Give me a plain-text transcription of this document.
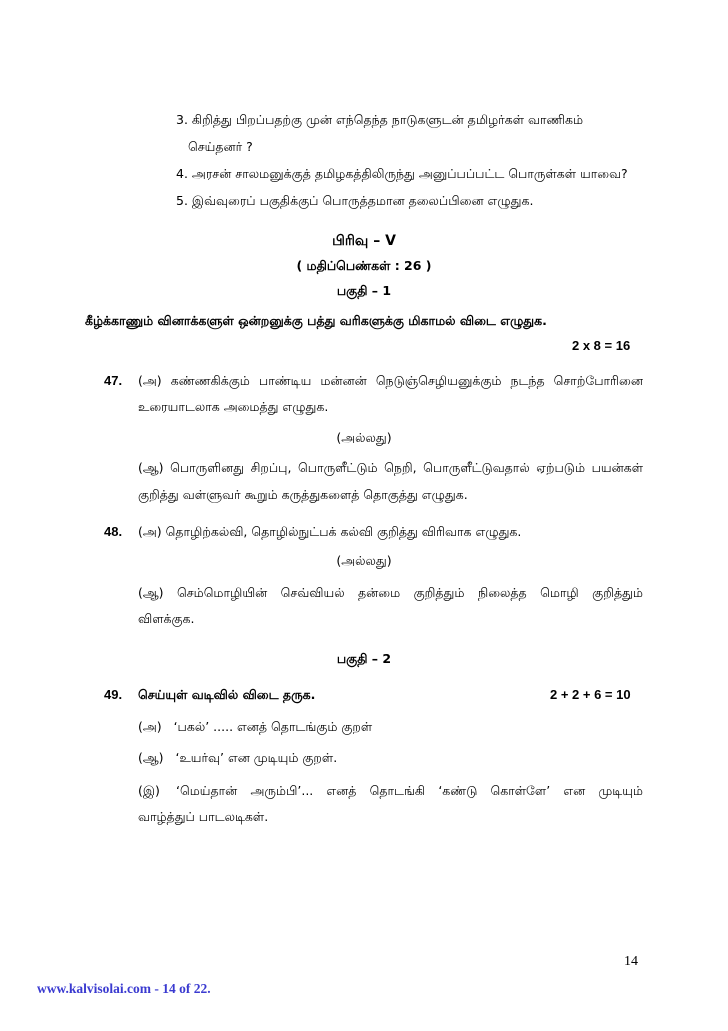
3. கிறித்து பிறப்பதற்கு முன் எந்தெந்த நாடுகளுடன் தமிழர்கள் வாணிகம்
செய்தனர் ?
4. அரசன் சாலமனுக்குத் தமிழகத்திலிருந்து அனுப்பப்பட்ட பொருள்கள் யாவை?
5. இவ்வுரைப் பகுதிக்குப் பொருத்தமான தலைப்பினை எழுதுக.
பிரிவு – V
( மதிப்பெண்கள் : 26 )
பகுதி – 1
கீழ்க்காணும் வினாக்களுள் ஒன்றனுக்கு பத்து வரிகளுக்கு மிகாமல் விடை எழுதுக.
2 x 8 = 16
47. (அ) கண்ணகிக்கும் பாண்டிய மன்னன் நெடுஞ்செழியனுக்கும் நடந்த சொற்போரினை
உரையாடலாக அமைத்து எழுதுக.
(அல்லது)
(ஆ) பொருளினது சிறப்பு, பொருளீட்டும் நெறி, பொருளீட்டுவதால் ஏற்படும் பயன்கள்
குறித்து வள்ளுவர் கூறும் கருத்துகளைத் தொகுத்து எழுதுக.
48. (அ) தொழிற்கல்வி, தொழில்நுட்பக் கல்வி குறித்து விரிவாக எழுதுக.
(அல்லது)
(ஆ) செம்மொழியின் செவ்வியல் தன்மை குறித்தும் நிலைத்த மொழி குறித்தும்
விளக்குக.
பகுதி – 2
49. செய்யுள் வடிவில் விடை தருக.	2 + 2 + 6 = 10
(அ) ‘பகல்’ ..... எனத் தொடங்கும் குறள்
(ஆ) ‘உயர்வு’ என முடியும் குறள்.
(இ) ‘மெய்தான் அரும்பி’... எனத் தொடங்கி ‘கண்டு கொள்ளே’ என முடியும்
வாழ்த்துப் பாடலடிகள்.
14
www.kalvisolai.com - 14 of 22.
